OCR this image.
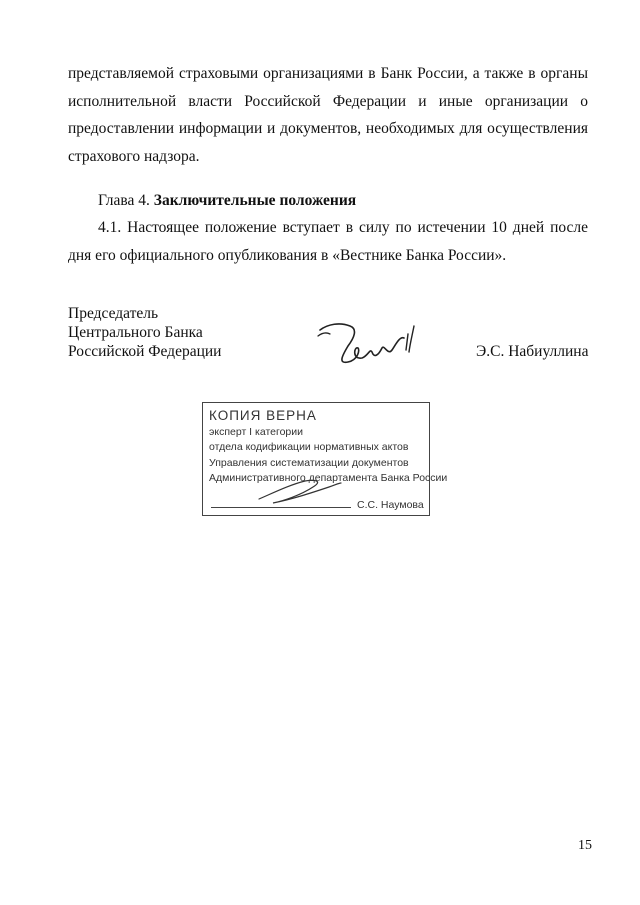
представляемой страховыми организациями в Банк России, а также в органы исполнительной власти Российской Федерации и иные организации о предоставлении информации и документов, необходимых для осуществления страхового надзора.
Глава 4. Заключительные положения
4.1. Настоящее положение вступает в силу по истечении 10 дней после дня его официального опубликования в «Вестнике Банка России».
Председатель
Центрального Банка
Российской Федерации	Э.С. Набиуллина
КОПИЯ ВЕРНА
эксперт I категории
отдела кодификации нормативных актов
Управления систематизации документов
Административного департамента Банка России
С.С. Наумова
15
